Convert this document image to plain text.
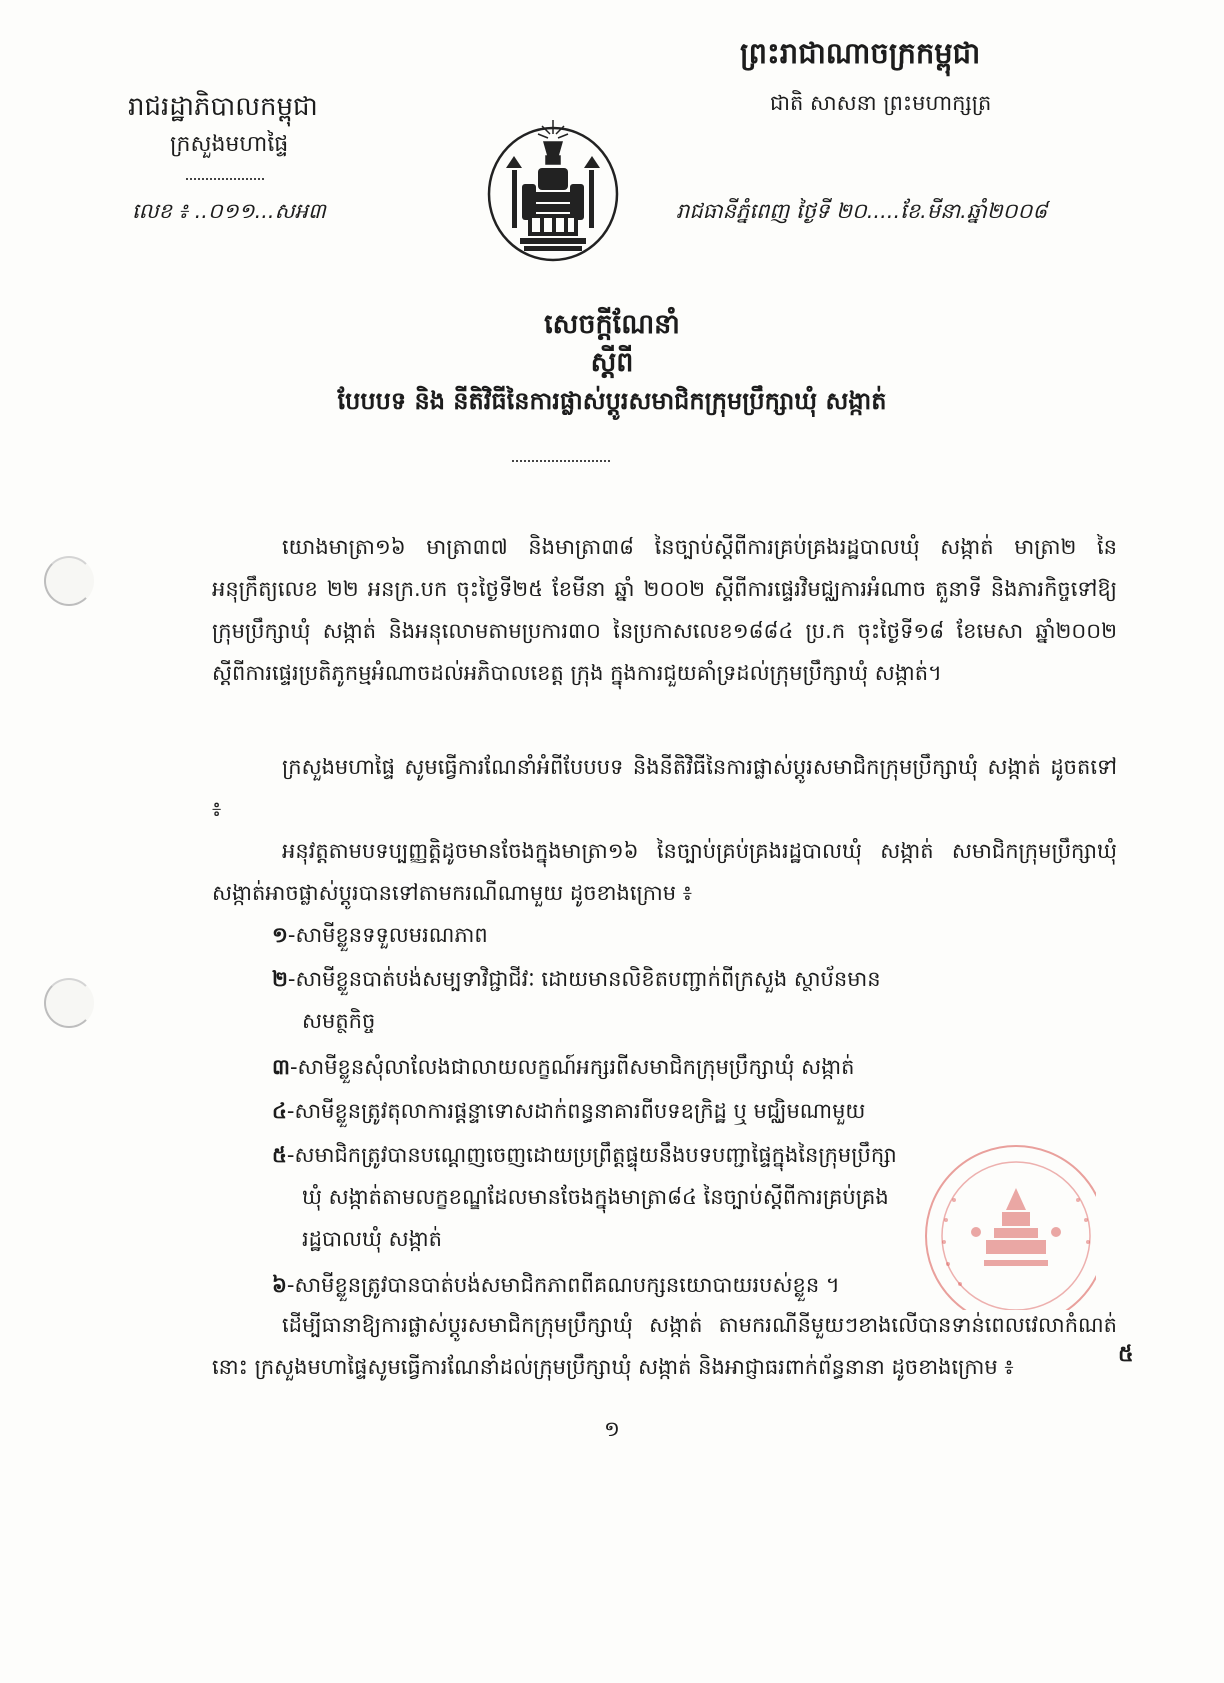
ព្រះរាជាណាចក្រកម្ពុជា
ជាតិ សាសនា ព្រះមហាក្សត្រ
រាជរដ្ឋាភិបាលកម្ពុជា
ក្រសួងមហាផ្ទៃ
លេខ ៖ ..០១១...សអ៣	រាជធានីភ្នំពេញ ថ្ងៃទី ២០.....ខែ.មីនា.ឆ្នាំ២០០៨
សេចក្តីណែនាំ
ស្តីពី
បែបបទ និង នីតិវិធីនៃការផ្លាស់ប្តូរសមាជិកក្រុមប្រឹក្សាឃុំ សង្កាត់
យោងមាត្រា១៦ មាត្រា៣៧ និងមាត្រា៣៨ នៃច្បាប់ស្តីពីការគ្រប់គ្រងរដ្ឋបាលឃុំ សង្កាត់ មាត្រា២ នៃអនុក្រឹត្យលេខ ២២ អនក្រ.បក ចុះថ្ងៃទី២៥ ខែមីនា ឆ្នាំ ២០០២ ស្តីពីការផ្ទេរវិមជ្ឈការអំណាច តួនាទី និងភារកិច្ចទៅឱ្យក្រុមប្រឹក្សាឃុំ សង្កាត់ និងអនុលោមតាមប្រការ៣០ នៃប្រកាសលេខ១៨៨៤ ប្រ.ក ចុះថ្ងៃទី១៨ ខែមេសា ឆ្នាំ២០០២ ស្តីពីការផ្ទេរប្រតិភូកម្មអំណាចដល់អភិបាលខេត្ត ក្រុង ក្នុងការជួយគាំទ្រដល់ក្រុមប្រឹក្សាឃុំ សង្កាត់។
ក្រសួងមហាផ្ទៃ សូមធ្វើការណែនាំអំពីបែបបទ និងនីតិវិធីនៃការផ្លាស់ប្តូរសមាជិកក្រុមប្រឹក្សាឃុំ សង្កាត់ ដូចតទៅ ៖
អនុវត្តតាមបទប្បញ្ញត្តិដូចមានចែងក្នុងមាត្រា១៦ នៃច្បាប់គ្រប់គ្រងរដ្ឋបាលឃុំ សង្កាត់ សមាជិកក្រុមប្រឹក្សាឃុំ សង្កាត់អាចផ្លាស់ប្តូរបានទៅតាមករណីណាមួយ ដូចខាងក្រោម ៖
១-សាមីខ្លួនទទួលមរណភាព
២-សាមីខ្លួនបាត់បង់សម្បទាវិជ្ជាជីវៈ ដោយមានលិខិតបញ្ជាក់ពីក្រសួង ស្ថាប័នមាន
សមត្ថកិច្ច
៣-សាមីខ្លួនសុំលាលែងជាលាយលក្ខណ៍អក្សរពីសមាជិកក្រុមប្រឹក្សាឃុំ សង្កាត់
៤-សាមីខ្លួនត្រូវតុលាការផ្តន្ទាទោសដាក់ពន្ធនាគារពីបទឧក្រិដ្ឋ ឬ មជ្ឈិមណាមួយ
៥-សមាជិកត្រូវបានបណ្តេញចេញដោយប្រព្រឹត្តផ្ទុយនឹងបទបញ្ជាផ្ទៃក្នុងនៃក្រុមប្រឹក្សា
ឃុំ សង្កាត់តាមលក្ខខណ្ឌដែលមានចែងក្នុងមាត្រា៨៤ នៃច្បាប់ស្តីពីការគ្រប់គ្រង
រដ្ឋបាលឃុំ សង្កាត់
៦-សាមីខ្លួនត្រូវបានបាត់បង់សមាជិកភាពពីគណបក្សនយោបាយរបស់ខ្លួន ។
ដើម្បីធានាឱ្យការផ្លាស់ប្តូរសមាជិកក្រុមប្រឹក្សាឃុំ សង្កាត់ តាមករណីនីមួយៗខាងលើបានទាន់ពេលវេលាកំណត់នោះ ក្រសួងមហាផ្ទៃសូមធ្វើការណែនាំដល់ក្រុមប្រឹក្សាឃុំ សង្កាត់ និងអាជ្ញាធរពាក់ព័ន្ធនានា ដូចខាងក្រោម ៖	៥
១
